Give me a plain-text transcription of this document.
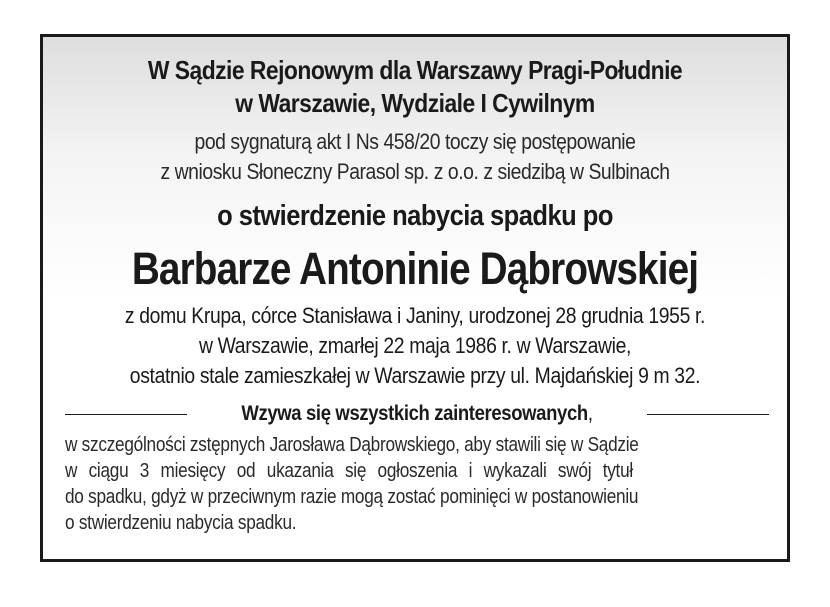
W Sądzie Rejonowym dla Warszawy Pragi-Południe
w Warszawie, Wydziale I Cywilnym
pod sygnaturą akt I Ns 458/20 toczy się postępowanie
z wniosku Słoneczny Parasol sp. z o.o. z siedzibą w Sulbinach
o stwierdzenie nabycia spadku po
Barbarze Antoninie Dąbrowskiej
z domu Krupa, córce Stanisława i Janiny, urodzonej 28 grudnia 1955 r.
w Warszawie, zmarłej 22 maja 1986 r. w Warszawie,
ostatnio stale zamieszkałej w Warszawie przy ul. Majdańskiej 9 m 32.
Wzywa się wszystkich zainteresowanych,
w szczególności zstępnych Jarosława Dąbrowskiego, aby stawili się w Sądzie
w ciągu 3 miesięcy od ukazania się ogłoszenia i wykazali swój tytuł
do spadku, gdyż w przeciwnym razie mogą zostać pominięci w postanowieniu
o stwierdzeniu nabycia spadku.
